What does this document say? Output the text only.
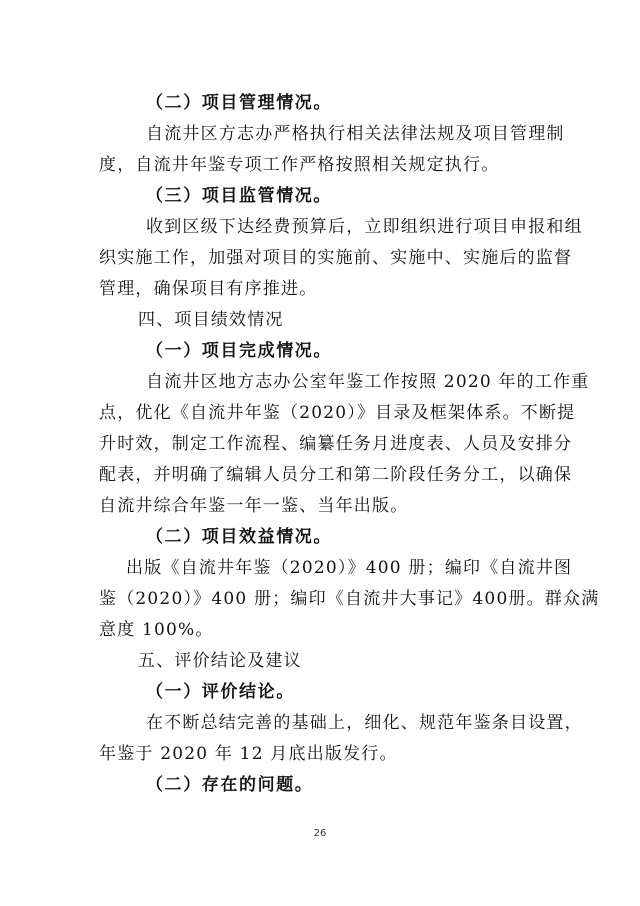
（二）项目管理情况。
自流井区方志办严格执行相关法律法规及项目管理制
度，自流井年鉴专项工作严格按照相关规定执行。
（三）项目监管情况。
收到区级下达经费预算后，立即组织进行项目申报和组
织实施工作，加强对项目的实施前、实施中、实施后的监督
管理，确保项目有序推进。
四、项目绩效情况
（一）项目完成情况。
自流井区地方志办公室年鉴工作按照 2020 年的工作重
点，优化《自流井年鉴（2020）》目录及框架体系。不断提
升时效，制定工作流程、编纂任务月进度表、人员及安排分
配表，并明确了编辑人员分工和第二阶段任务分工，以确保
自流井综合年鉴一年一鉴、当年出版。
（二）项目效益情况。
出版《自流井年鉴（2020）》400 册；编印《自流井图
鉴（2020）》400 册；编印《自流井大事记》400册。群众满
意度 100%。
五、评价结论及建议
（一）评价结论。
在不断总结完善的基础上，细化、规范年鉴条目设置，
年鉴于 2020 年 12 月底出版发行。
（二）存在的问题。
26
